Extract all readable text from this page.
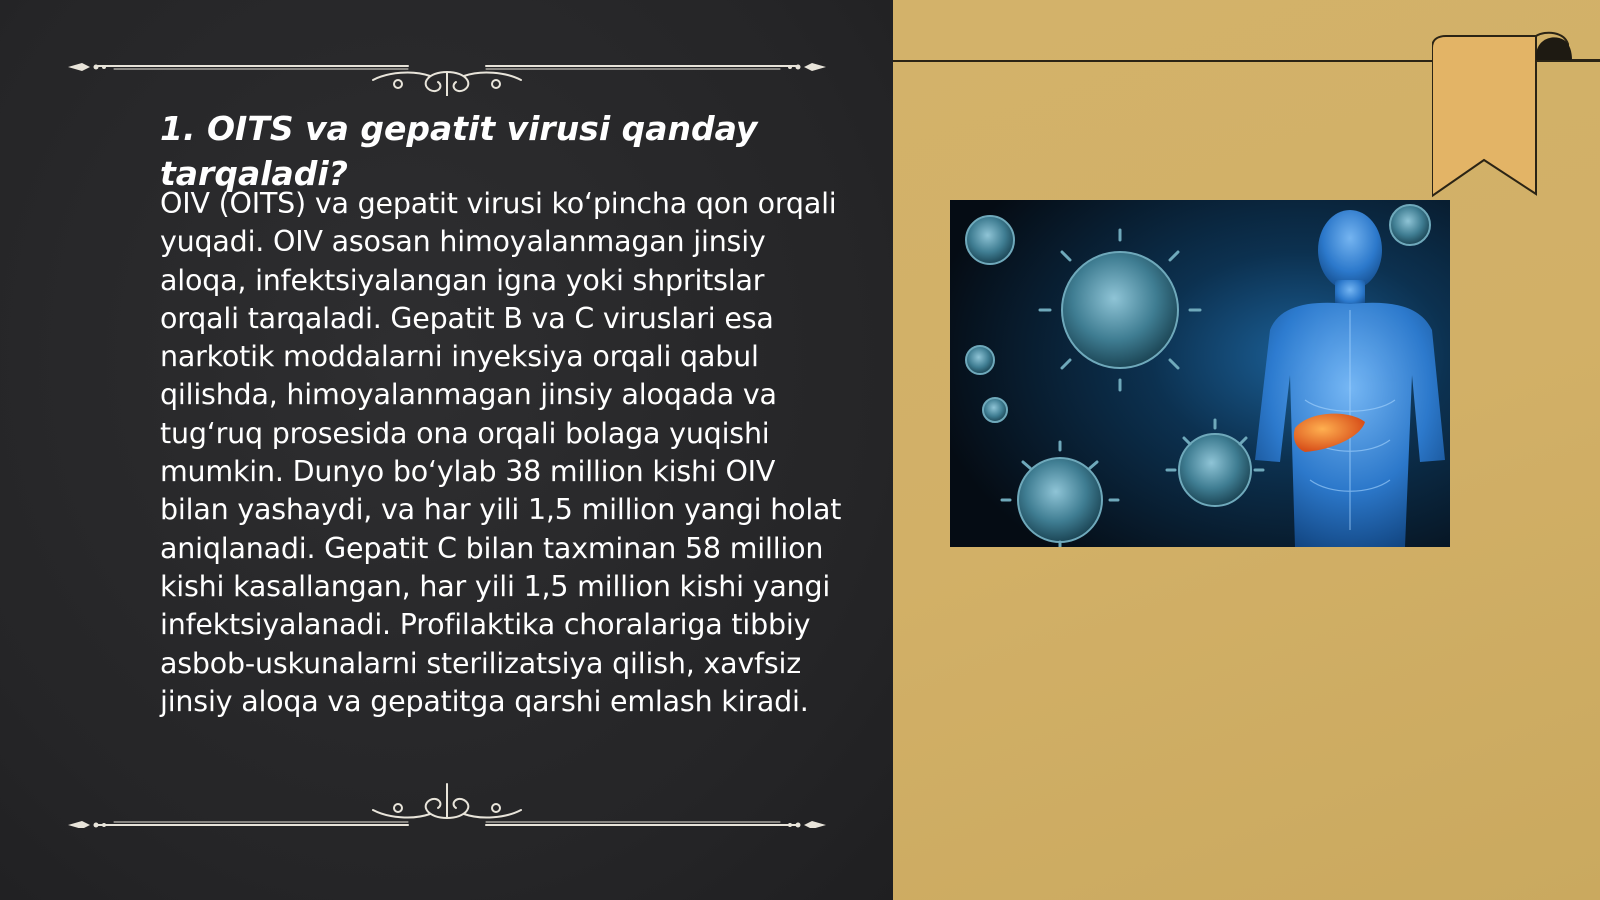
1. OITS va gepatit virusi qanday tarqaladi?

OIV (OITS) va gepatit virusi ko‘pincha qon orqali yuqadi. OIV asosan himoyalanmagan jinsiy aloqa, infektsiyalangan igna yoki shpritslar orqali tarqaladi. Gepatit B va C viruslari esa narkotik moddalarni inyeksiya orqali qabul qilishda, himoyalanmagan jinsiy aloqada va tug‘ruq prosesida ona orqali bolaga yuqishi mumkin. Dunyo bo‘ylab 38 million kishi OIV bilan yashaydi, va har yili 1,5 million yangi holat aniqlanadi. Gepatit C bilan taxminan 58 million kishi kasallangan, har yili 1,5 million kishi yangi infektsiyalanadi. Profilaktika choralariga tibbiy asbob-uskunalarni sterilizatsiya qilish, xavfsiz jinsiy aloqa va gepatitga qarshi emlash kiradi.
